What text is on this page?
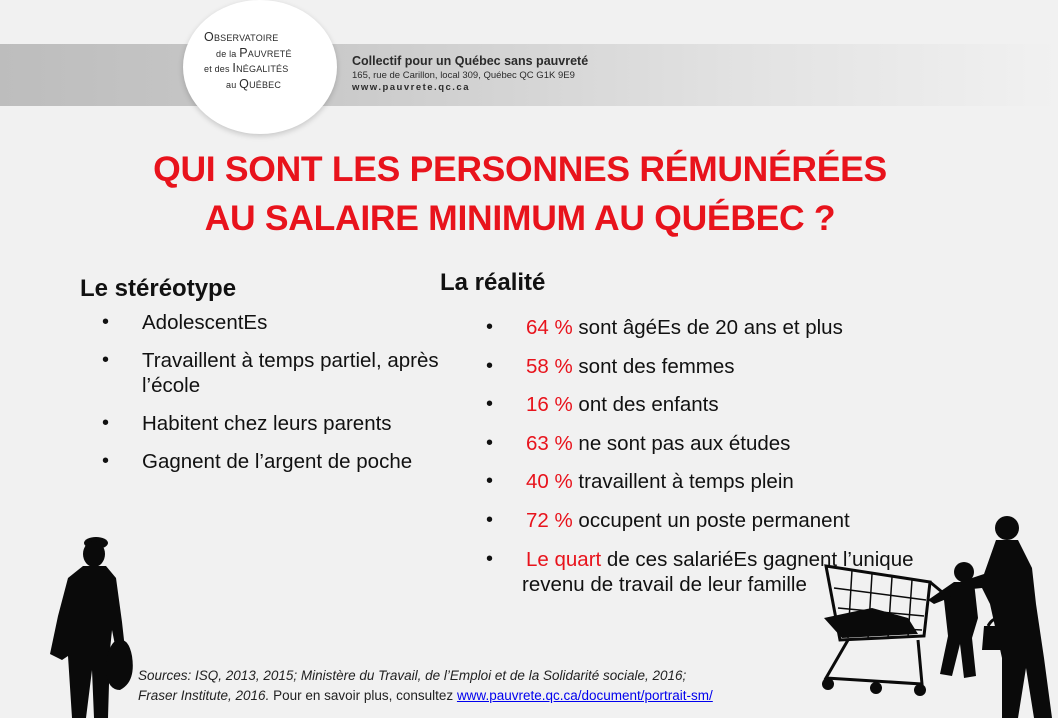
OBSERVATOIRE
de la PAUVRETÉ
et des INÉGALITÉS
au QUÉBEC
Collectif pour un Québec sans pauvreté
165, rue de Carillon, local 309, Québec QC G1K 9E9
www.pauvrete.qc.ca
QUI SONT LES PERSONNES RÉMUNÉRÉES
AU SALAIRE MINIMUM AU QUÉBEC ?
Le stéréotype	La réalité
• AdolescentEs
• Travaillent à temps partiel, après l’école
• Habitent chez leurs parents
• Gagnent de l’argent de poche
• 64 % sont âgéEs de 20 ans et plus
• 58 % sont des femmes
• 16 % ont des enfants
• 63 % ne sont pas aux études
• 40 % travaillent à temps plein
• 72 % occupent un poste permanent
• Le quart de ces salariéEs gagnent l’unique
revenu de travail de leur famille
Sources: ISQ, 2013, 2015; Ministère du Travail, de l’Emploi et de la Solidarité sociale, 2016;
Fraser Institute, 2016. Pour en savoir plus, consultez www.pauvrete.qc.ca/document/portrait-sm/
